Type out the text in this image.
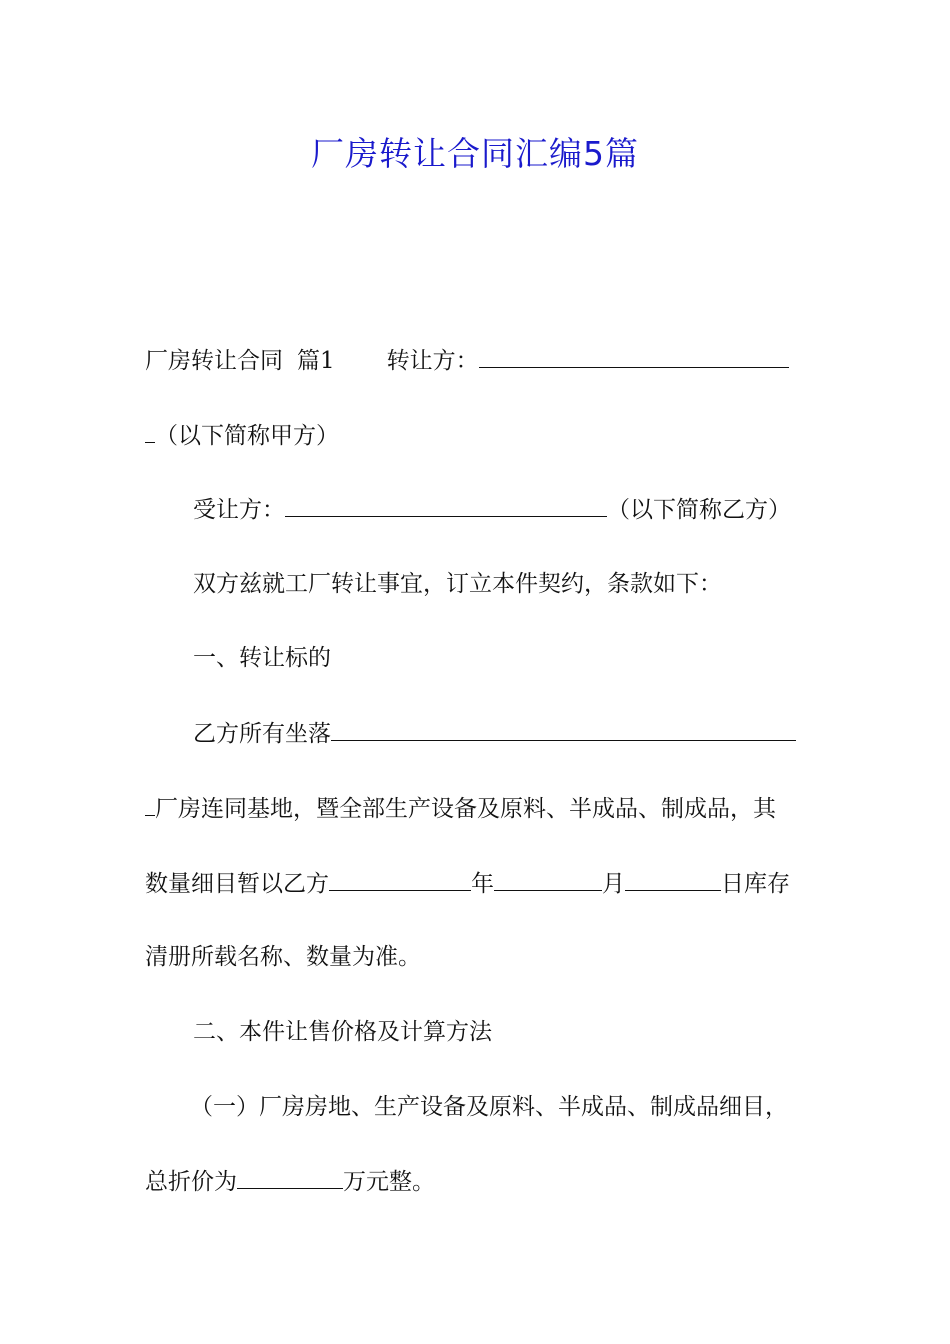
厂房转让合同汇编5篇
厂房转让合同 篇1 转让方：
（以下简称甲方）
受让方：	（以下简称乙方）
双方兹就工厂转让事宜，订立本件契约，条款如下：
一、转让标的
乙方所有坐落
厂房连同基地，暨全部生产设备及原料、半成品、制成品，其
数量细目暂以乙方	年	月	日库存
清册所载名称、数量为准。
二、本件让售价格及计算方法
（一）厂房房地、生产设备及原料、半成品、制成品细目，
总折价为	万元整。
